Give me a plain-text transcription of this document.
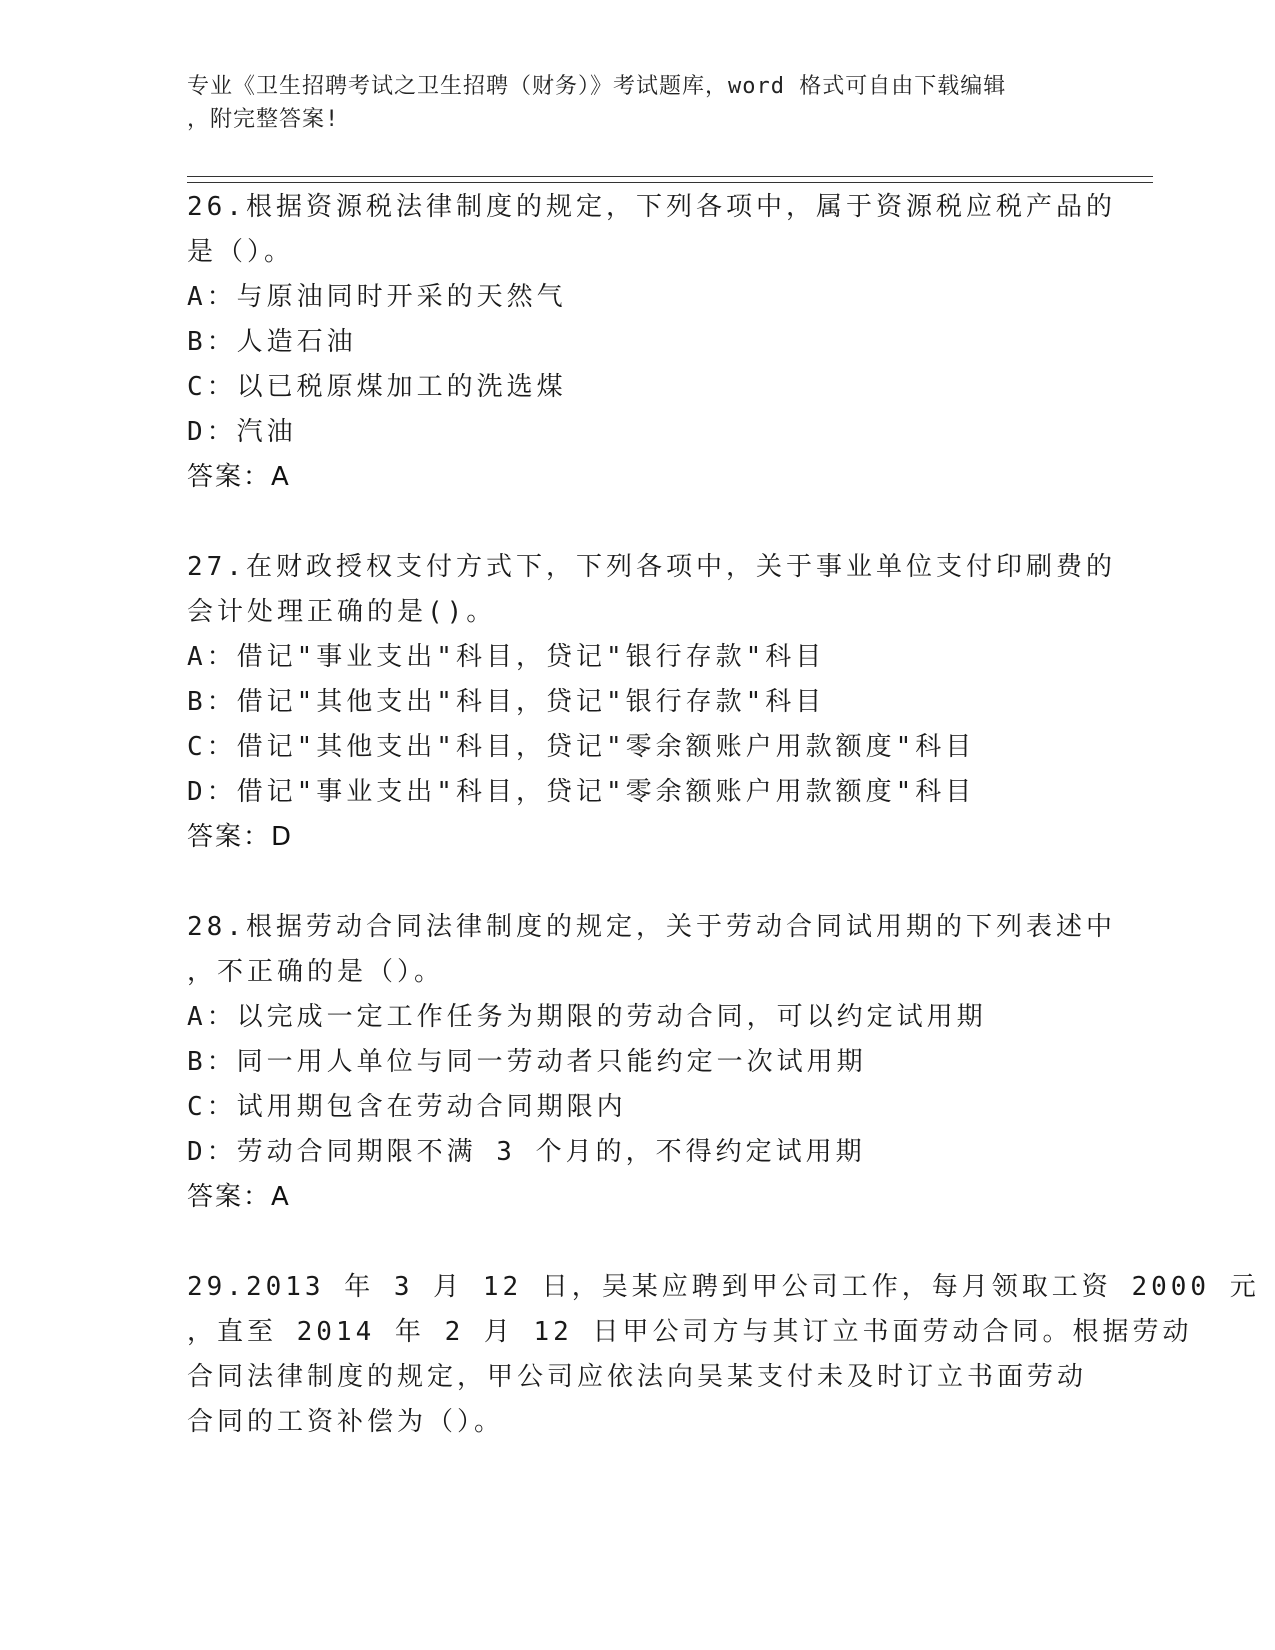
专业《卫生招聘考试之卫生招聘（财务）》考试题库，word 格式可自由下载编辑

，附完整答案!

26.根据资源税法律制度的规定，下列各项中，属于资源税应税产品的

是（）。

A：与原油同时开采的天然气

B：人造石油

C：以已税原煤加工的洗选煤

D：汽油

答案：A

27.在财政授权支付方式下，下列各项中，关于事业单位支付印刷费的

会计处理正确的是()。

A：借记"事业支出"科目，贷记"银行存款"科目

B：借记"其他支出"科目，贷记"银行存款"科目

C：借记"其他支出"科目，贷记"零余额账户用款额度"科目

D：借记"事业支出"科目，贷记"零余额账户用款额度"科目

答案：D

28.根据劳动合同法律制度的规定，关于劳动合同试用期的下列表述中

，不正确的是（）。

A：以完成一定工作任务为期限的劳动合同，可以约定试用期

B：同一用人单位与同一劳动者只能约定一次试用期

C：试用期包含在劳动合同期限内

D：劳动合同期限不满 3 个月的，不得约定试用期

答案：A

29.2013 年 3 月 12 日，吴某应聘到甲公司工作，每月领取工资 2000 元

，直至 2014 年 2 月 12 日甲公司方与其订立书面劳动合同。根据劳动

合同法律制度的规定，甲公司应依法向吴某支付未及时订立书面劳动

合同的工资补偿为（）。
